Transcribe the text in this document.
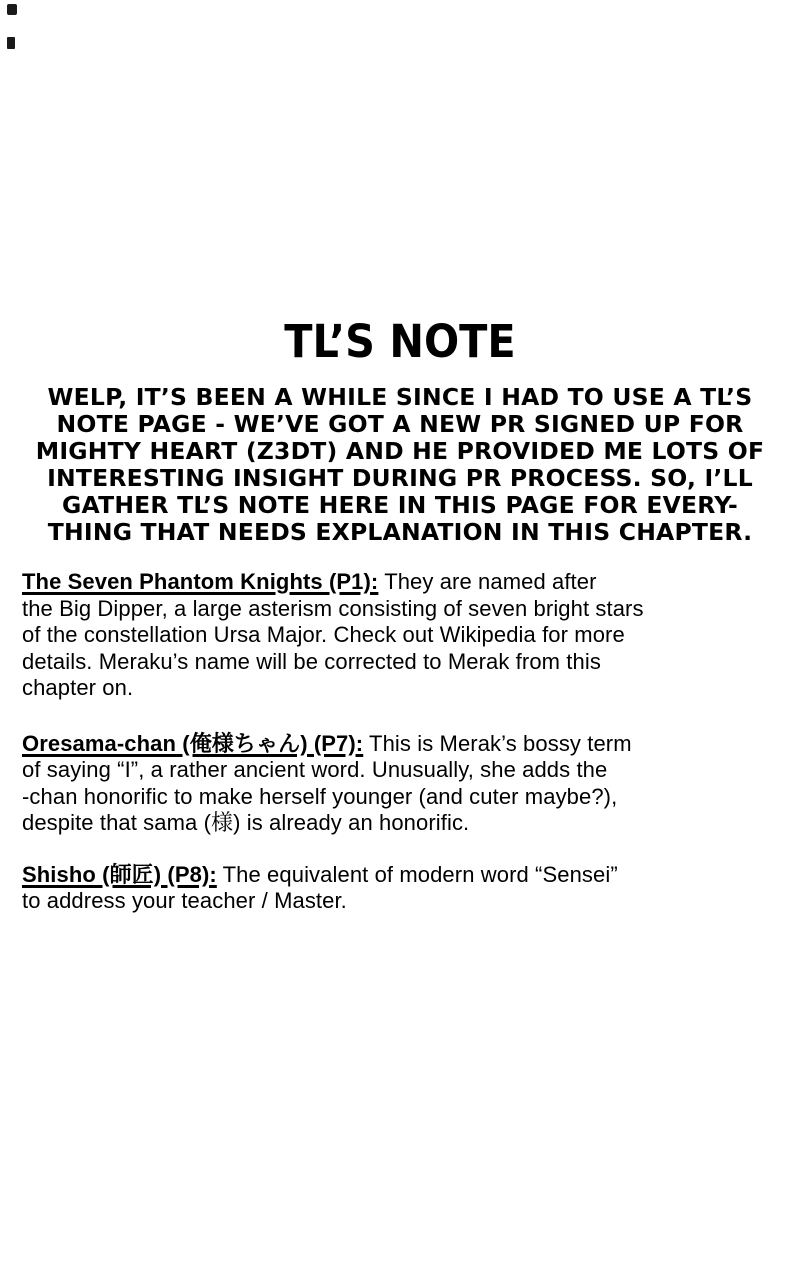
TL’S NOTE
WELP, IT’S BEEN A WHILE SINCE I HAD TO USE A TL’S
NOTE PAGE - WE’VE GOT A NEW PR SIGNED UP FOR
MIGHTY HEART (Z3DT) AND HE PROVIDED ME LOTS OF
INTERESTING INSIGHT DURING PR PROCESS. SO, I’LL
GATHER TL’S NOTE HERE IN THIS PAGE FOR EVERY-
THING THAT NEEDS EXPLANATION IN THIS CHAPTER.
The Seven Phantom Knights (P1): They are named after
the Big Dipper, a large asterism consisting of seven bright stars
of the constellation Ursa Major. Check out Wikipedia for more
details. Meraku’s name will be corrected to Merak from this
chapter on.
Oresama-chan (俺様ちゃん) (P7): This is Merak’s bossy term
of saying “I”, a rather ancient word. Unusually, she adds the
-chan honorific to make herself younger (and cuter maybe?),
despite that sama (様) is already an honorific.
Shisho (師匠) (P8): The equivalent of modern word “Sensei”
to address your teacher / Master.
